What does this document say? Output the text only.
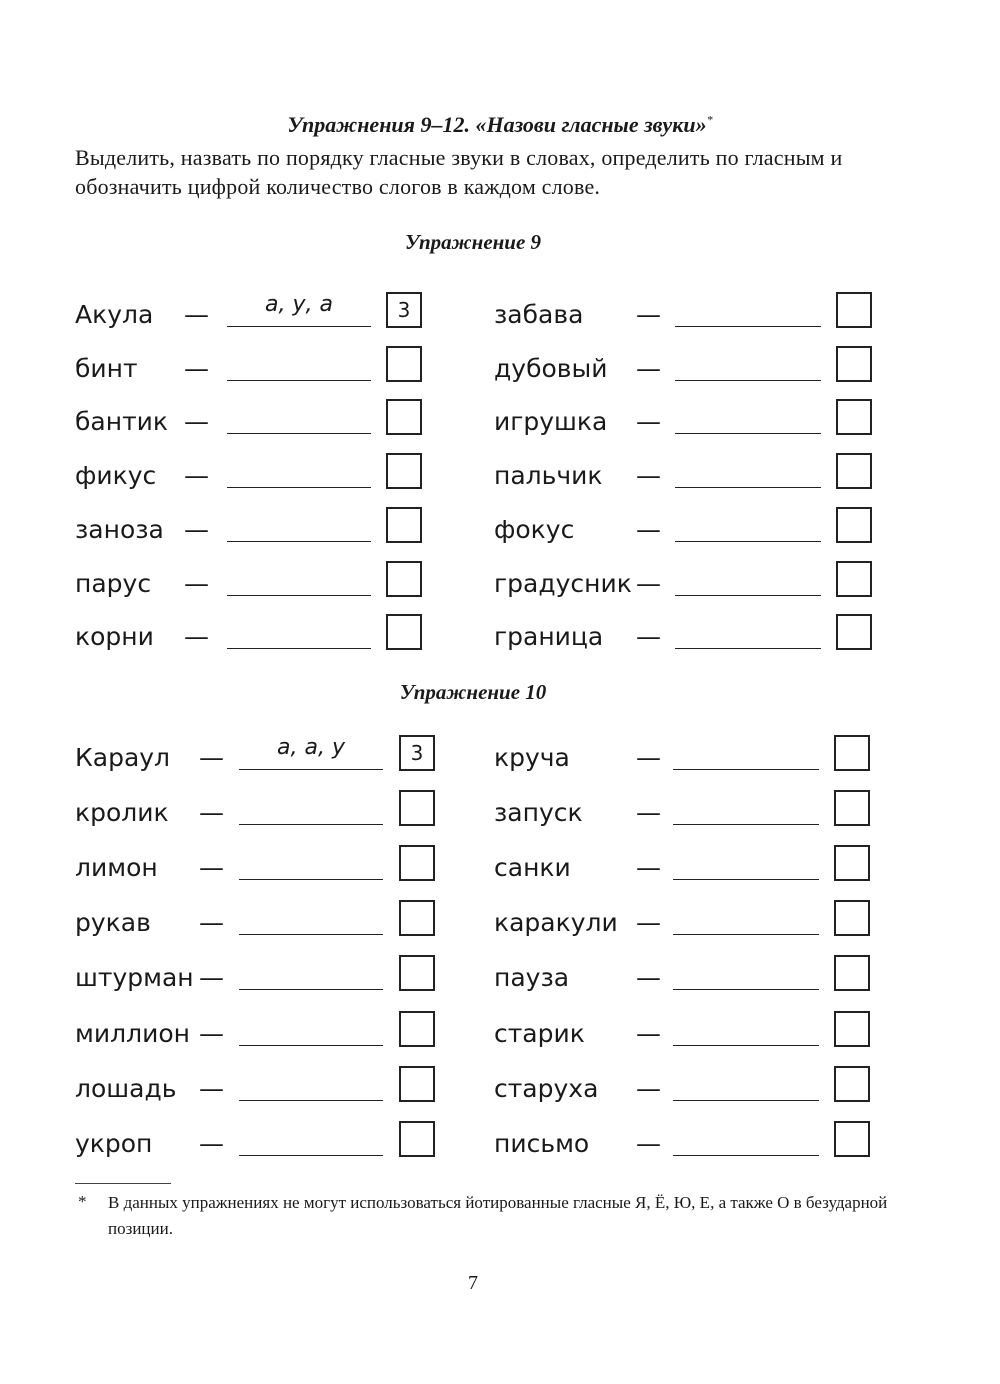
Упражнения 9–12. «Назови гласные звуки»*
Выделить, назвать по порядку гласные звуки в словах, определить по гласным и обозначить цифрой количество слогов в каждом слове.
Упражнение 9
Акула —	а, у, а	3
бинт —
бантик —
фикус —
заноза —
парус —
корни —
забава —
дубовый —
игрушка —
пальчик —
фокус —
градусник —
граница —
Упражнение 10
Караул —	а, а, у	3
кролик —
лимон —
рукав —
штурман —
миллион —
лошадь —
укроп —
круча	—
запуск —
санки	—
каракули —
пауза	—
старик —
старуха —
письмо —
* В данных упражнениях не могут использоваться йотированные гласные Я, Ё, Ю, Е, а также О в безударной позиции.
7
